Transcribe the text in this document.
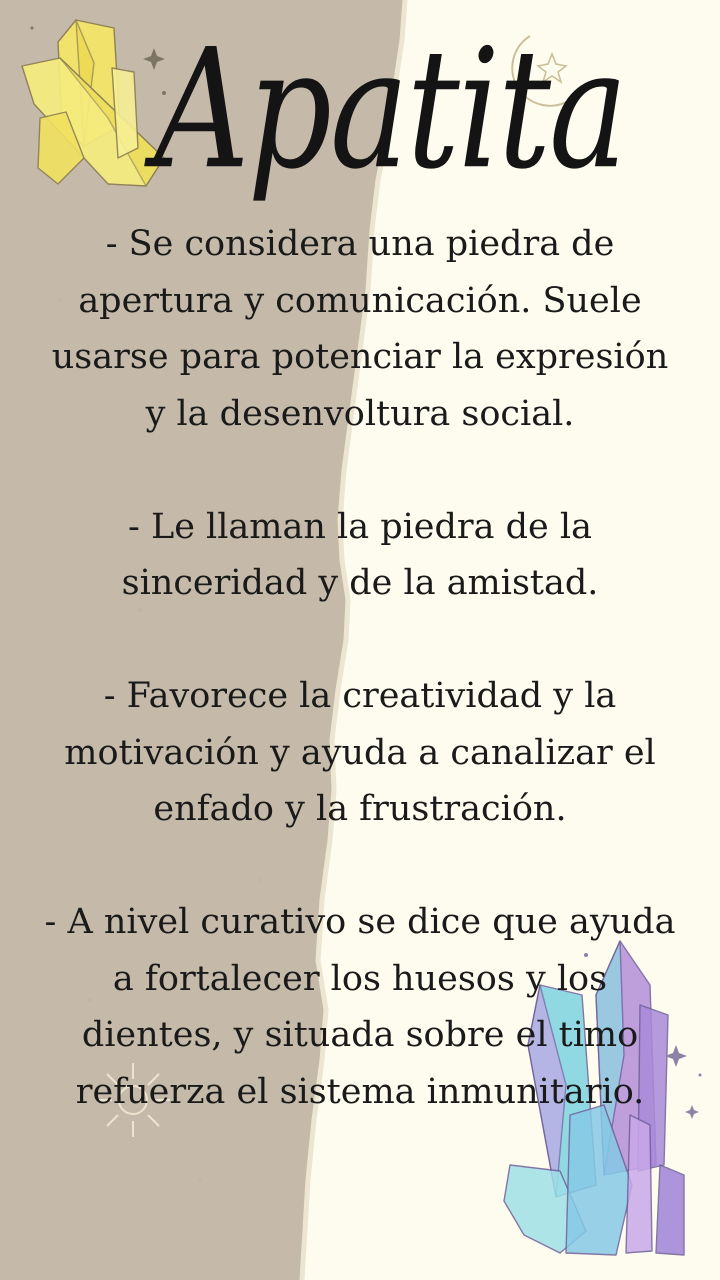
Apatita

- Se considera una piedra de apertura y comunicación. Suele usarse para potenciar la expresión y la desenvoltura social.

- Le llaman la piedra de la sinceridad y de la amistad.

- Favorece la creatividad y la motivación y ayuda a canalizar el enfado y la frustración.

- A nivel curativo se dice que ayuda a fortalecer los huesos y los dientes, y situada sobre el timo refuerza el sistema inmunitario.
